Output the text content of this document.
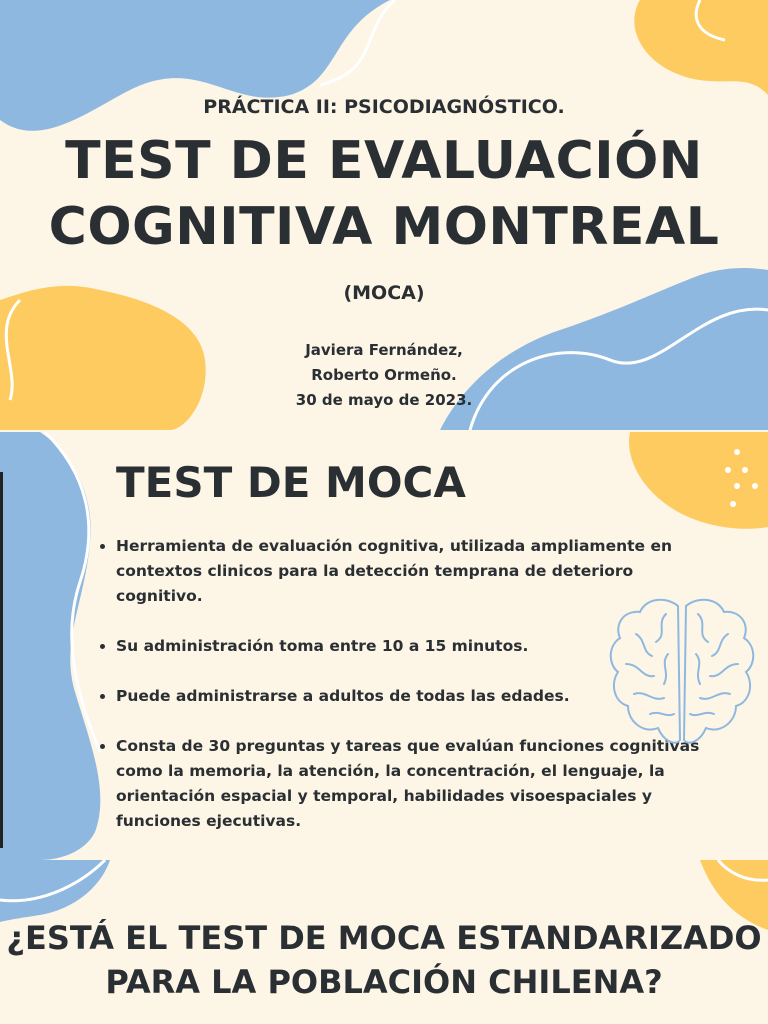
PRÁCTICA II: PSICODIAGNÓSTICO.
TEST DE EVALUACIÓN
COGNITIVA MONTREAL
(MOCA)
Javiera Fernández,
Roberto Ormeño.
30 de mayo de 2023.
TEST DE MOCA
• Herramienta de evaluación cognitiva, utilizada ampliamente en contextos clinicos para la detección temprana de deterioro cognitivo.
• Su administración toma entre 10 a 15 minutos.
• Puede administrarse a adultos de todas las edades.
• Consta de 30 preguntas y tareas que evalúan funciones cognitivas como la memoria, la atención, la concentración, el lenguaje, la orientación espacial y temporal, habilidades visoespaciales y funciones ejecutivas.
¿ESTÁ EL TEST DE MOCA ESTANDARIZADO
PARA LA POBLACIÓN CHILENA?
